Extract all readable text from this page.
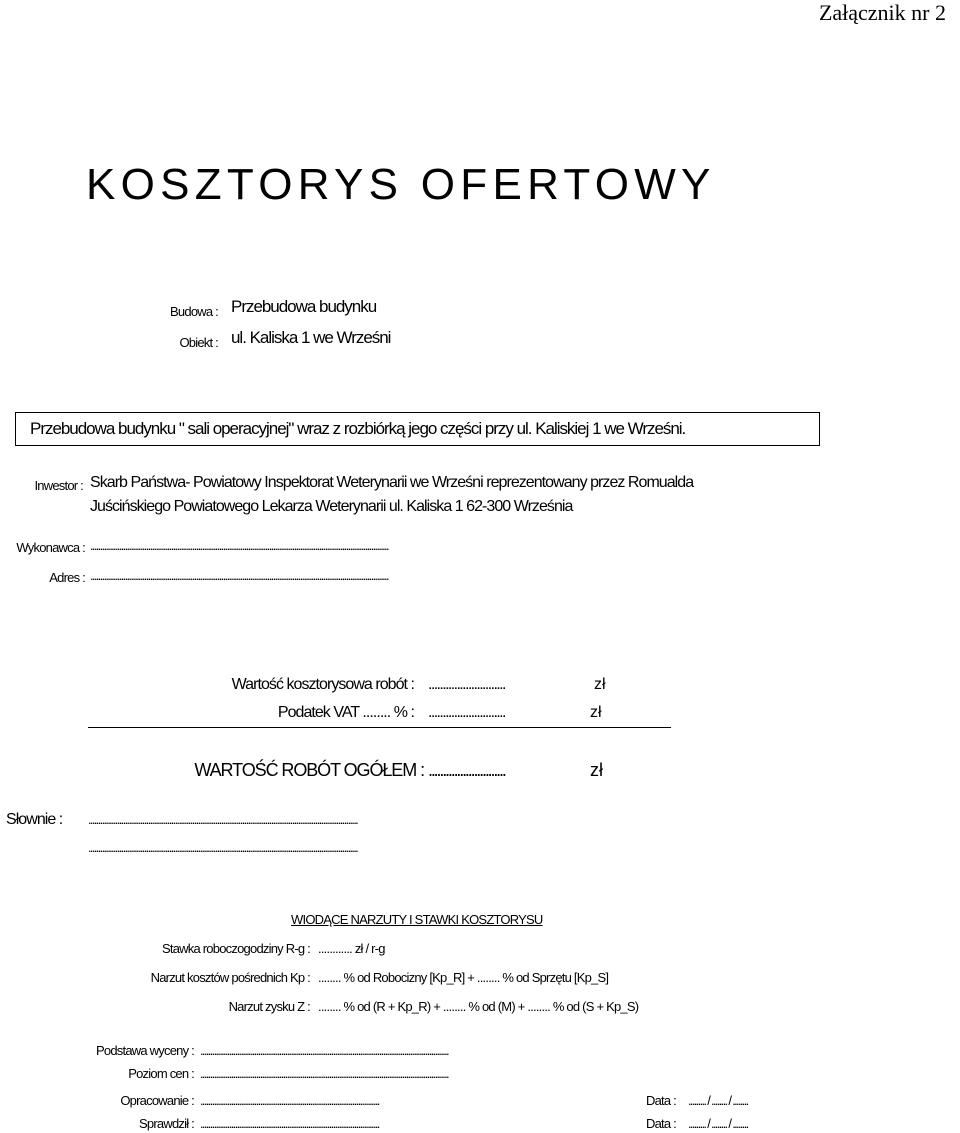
Załącznik nr 2
KOSZTORYS OFERTOWY
Budowa : Przebudowa budynku
Obiekt : ul. Kaliska 1 we Wrześni
Przebudowa budynku " sali operacyjnej" wraz z rozbiórką jego części przy ul. Kaliskiej 1 we Wrześni.
Inwestor : Skarb Państwa- Powiatowy Inspektorat Weterynarii we Wrześni reprezentowany przez Romualda
Juścińskiego Powiatowego Lekarza Weterynarii ul. Kaliska 1 62-300 Września
Wykonawca : ...........................................................................................................................................................
Adres : ...........................................................................................................................................................
Wartość kosztorysowa robót : ...........................	zł
Podatek VAT ........ % : ...........................	zł
WARTOŚĆ ROBÓT OGÓŁEM : ...........................	zł
Słownie : ............................................................................................................................................
............................................................................................................................................
WIODĄCE NARZUTY I STAWKI KOSZTORYSU
Stawka roboczogodziny R-g : ............ zł / r-g
Narzut kosztów pośrednich Kp : ........ % od Robocizny [Kp_R] + ........ % od Sprzętu [Kp_S]
Narzut zysku Z : ........ % od (R + Kp_R) + ........ % od (M) + ........ % od (S + Kp_S)
Podstawa wyceny : .................................................................................................................................
Poziom cen : .................................................................................................................................
Opracowanie : .............................................................................................	Data : ......... / ........ / ........
Sprawdził : .............................................................................................	Data : ......... / ........ / ........
